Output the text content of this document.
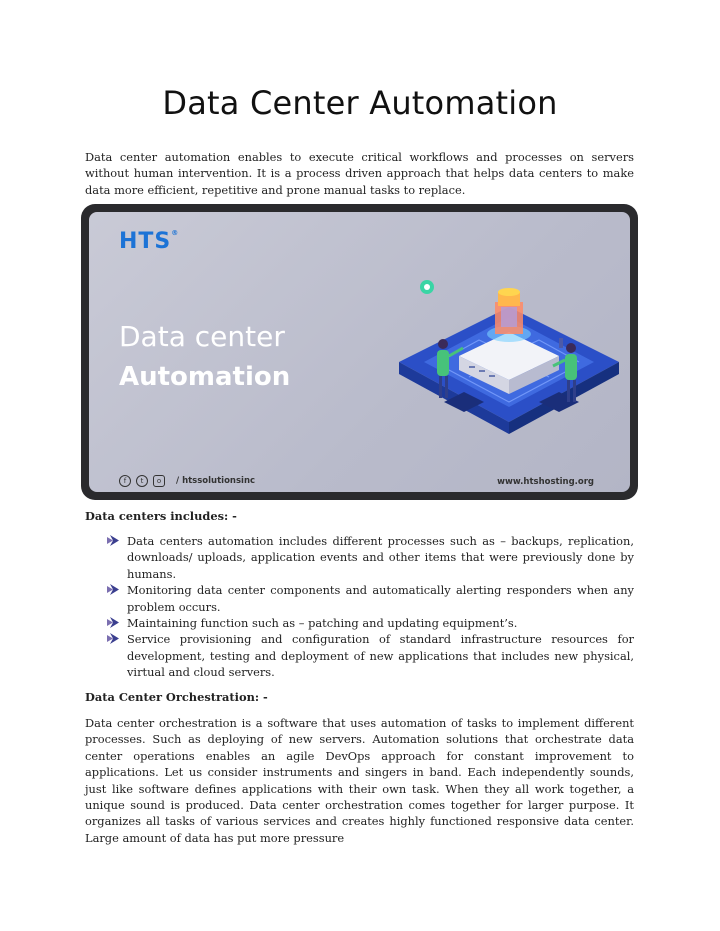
Data Center Automation

Data center automation enables to execute critical workflows and processes on servers without human intervention. It is a process driven approach that helps data centers to make data more efficient, repetitive and prone manual tasks to replace.

HTS®
Data center
Automation
f	t	o	/ htssolutionsinc	www.htshosting.org

Data centers includes: -

Data centers automation includes different processes such as – backups, replication, downloads/ uploads, application events and other items that were previously done by humans.
Monitoring data center components and automatically alerting responders when any problem occurs.
Maintaining function such as – patching and updating equipment’s.
Service provisioning and configuration of standard infrastructure resources for development, testing and deployment of new applications that includes new physical, virtual and cloud servers.

Data Center Orchestration: -

Data center orchestration is a software that uses automation of tasks to implement different processes. Such as deploying of new servers. Automation solutions that orchestrate data center operations enables an agile DevOps approach for constant improvement to applications. Let us consider instruments and singers in band. Each independently sounds, just like software defines applications with their own task. When they all work together, a unique sound is produced. Data center orchestration comes together for larger purpose. It organizes all tasks of various services and creates highly functioned responsive data center. Large amount of data has put more pressure
